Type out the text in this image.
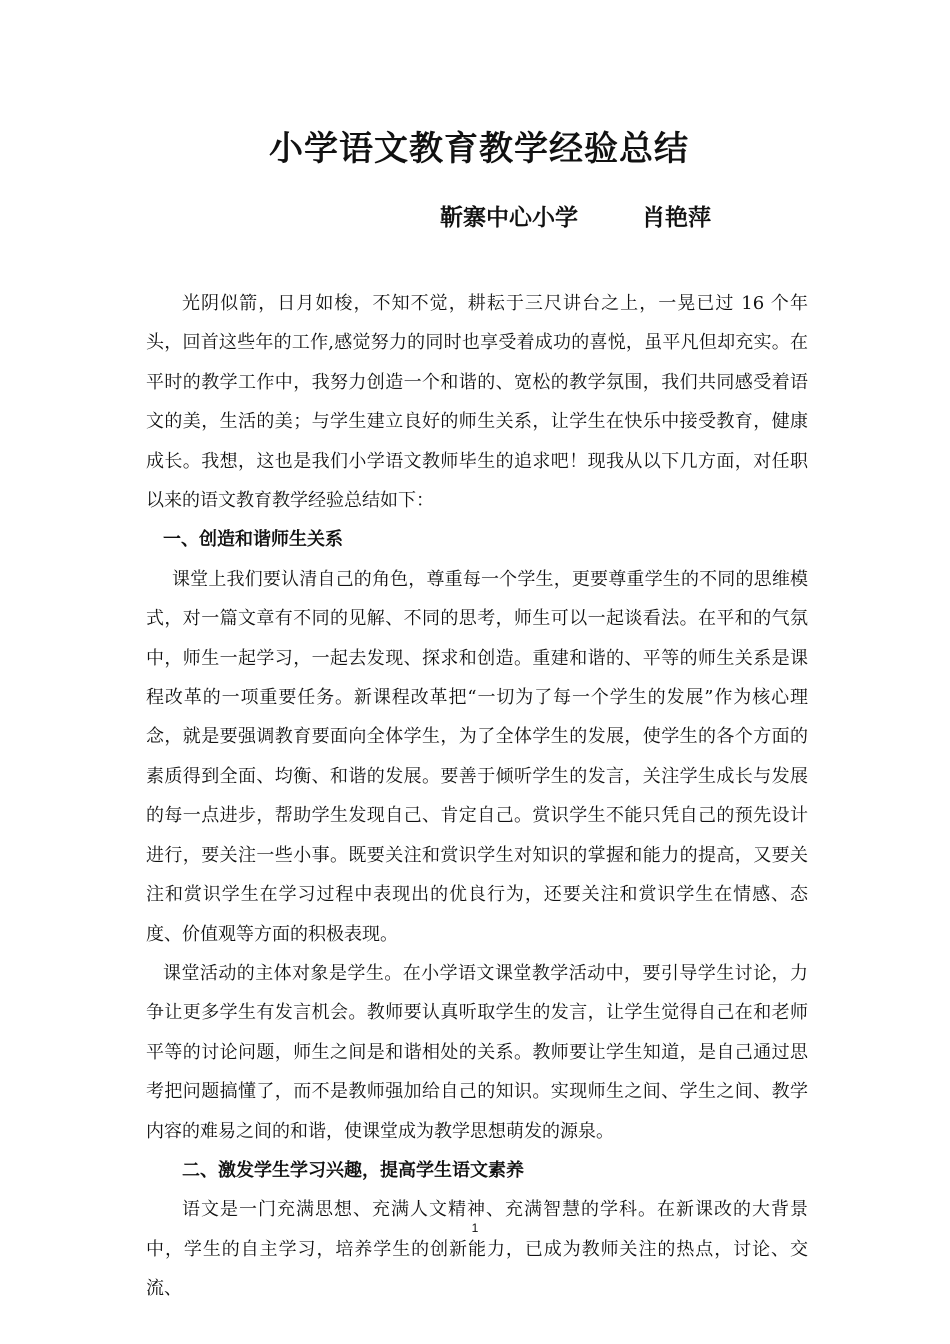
小学语文教育教学经验总结
靳寨中心小学        肖艳萍

光阴似箭，日月如梭，不知不觉，耕耘于三尺讲台之上，一晃已过 16 个年头，回首这些年的工作,感觉努力的同时也享受着成功的喜悦，虽平凡但却充实。在平时的教学工作中，我努力创造一个和谐的、宽松的教学氛围，我们共同感受着语文的美，生活的美；与学生建立良好的师生关系，让学生在快乐中接受教育，健康成长。我想，这也是我们小学语文教师毕生的追求吧！现我从以下几方面，对任职以来的语文教育教学经验总结如下：

一、创造和谐师生关系

课堂上我们要认清自己的角色，尊重每一个学生，更要尊重学生的不同的思维模式，对一篇文章有不同的见解、不同的思考，师生可以一起谈看法。在平和的气氛中，师生一起学习，一起去发现、探求和创造。重建和谐的、平等的师生关系是课程改革的一项重要任务。新课程改革把“一切为了每一个学生的发展”作为核心理念，就是要强调教育要面向全体学生，为了全体学生的发展，使学生的各个方面的素质得到全面、均衡、和谐的发展。要善于倾听学生的发言，关注学生成长与发展的每一点进步，帮助学生发现自己、肯定自己。赏识学生不能只凭自己的预先设计进行，要关注一些小事。既要关注和赏识学生对知识的掌握和能力的提高，又要关注和赏识学生在学习过程中表现出的优良行为，还要关注和赏识学生在情感、态度、价值观等方面的积极表现。

课堂活动的主体对象是学生。在小学语文课堂教学活动中，要引导学生讨论，力争让更多学生有发言机会。教师要认真听取学生的发言，让学生觉得自己在和老师平等的讨论问题，师生之间是和谐相处的关系。教师要让学生知道，是自己通过思考把问题搞懂了，而不是教师强加给自己的知识。实现师生之间、学生之间、教学内容的难易之间的和谐，使课堂成为教学思想萌发的源泉。

二、激发学生学习兴趣，提高学生语文素养

语文是一门充满思想、充满人文精神、充满智慧的学科。在新课改的大背景中，学生的自主学习，培养学生的创新能力，已成为教师关注的热点，讨论、交流、

1
